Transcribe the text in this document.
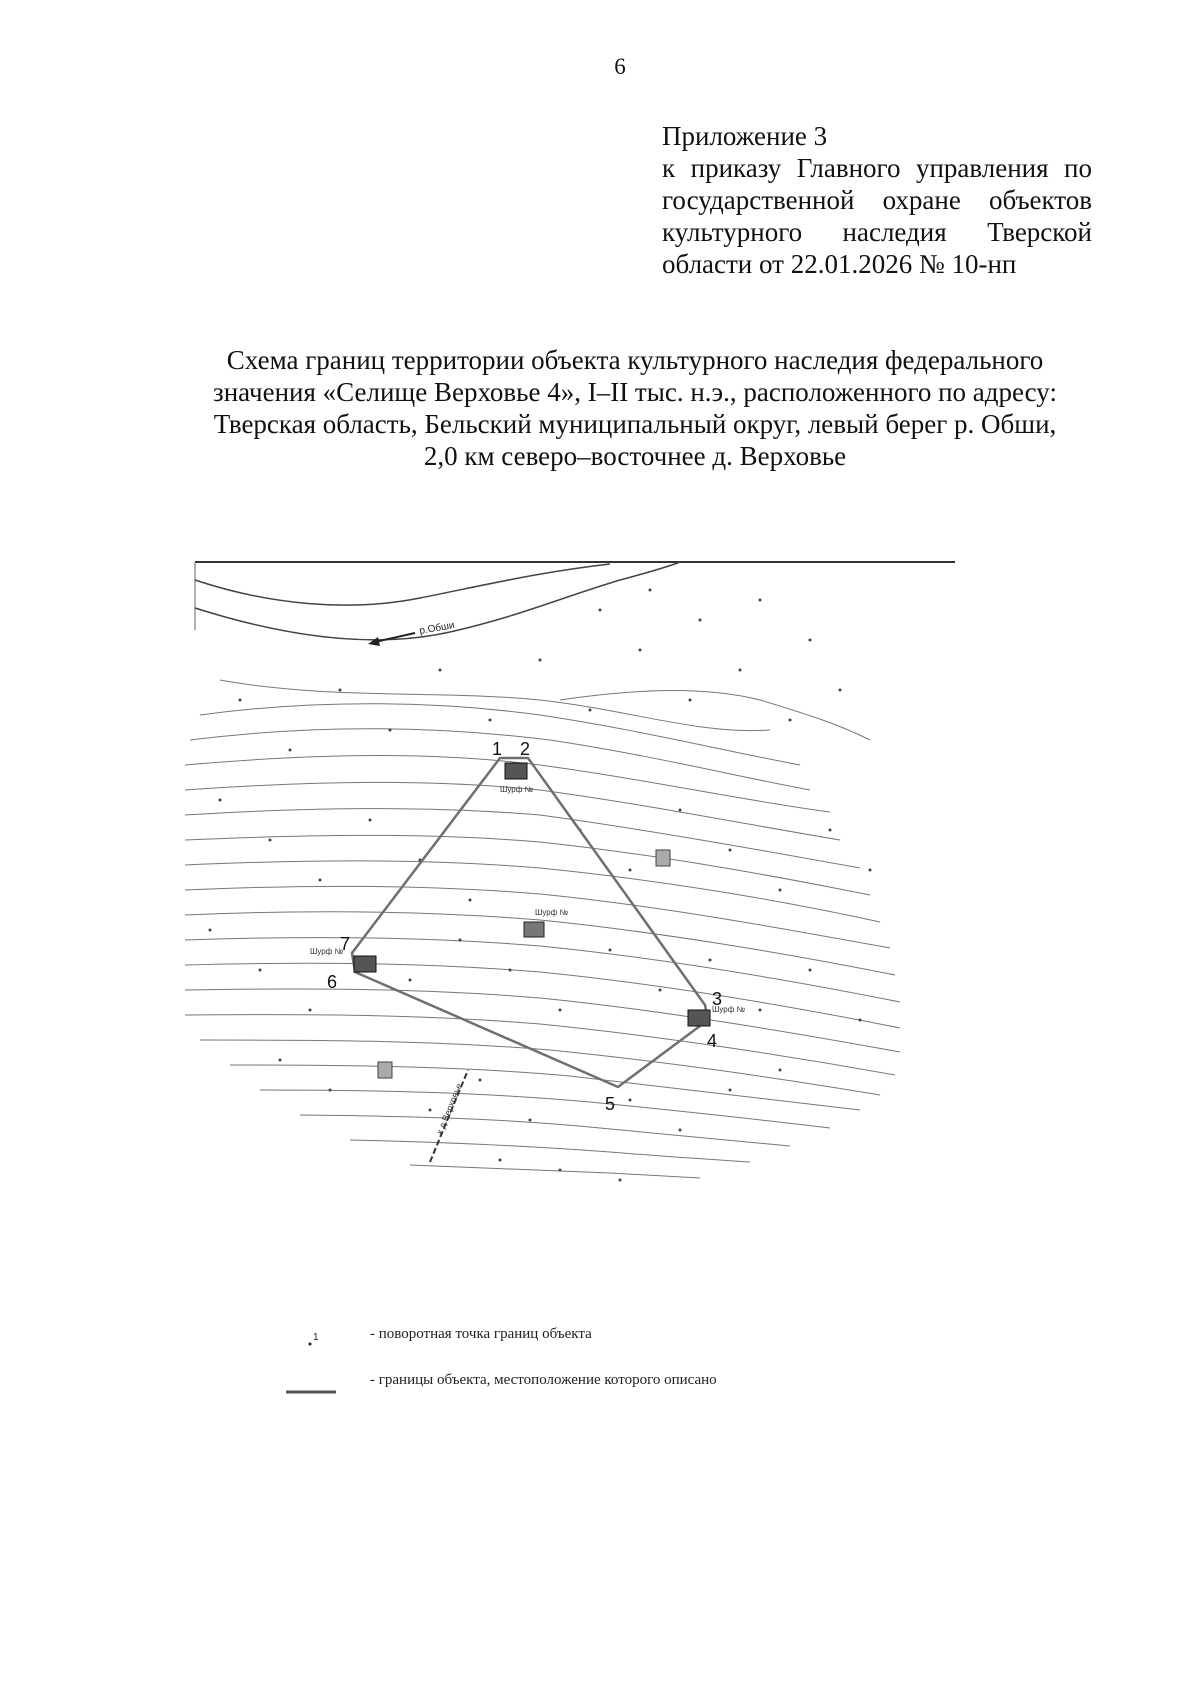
6
Приложение 3
к приказу Главного управления по
государственной охране объектов
культурного наследия Тверской
области от 22.01.2026 № 10-нп
Схема границ территории объекта культурного наследия федерального
значения «Селище Верховье 4», I–II тыс. н.э., расположенного по адресу:
Тверская область, Бельский муниципальный округ, левый берег р. Обши,
2,0 км северо–восточнее д. Верховье
р.Обши
к д.Верховье
Шурф №
Шурф №
Шурф №
Шурф №
1 2
3
4
5
6
7
1	- поворотная точка границ объекта
- границы объекта, местоположение которого описано
